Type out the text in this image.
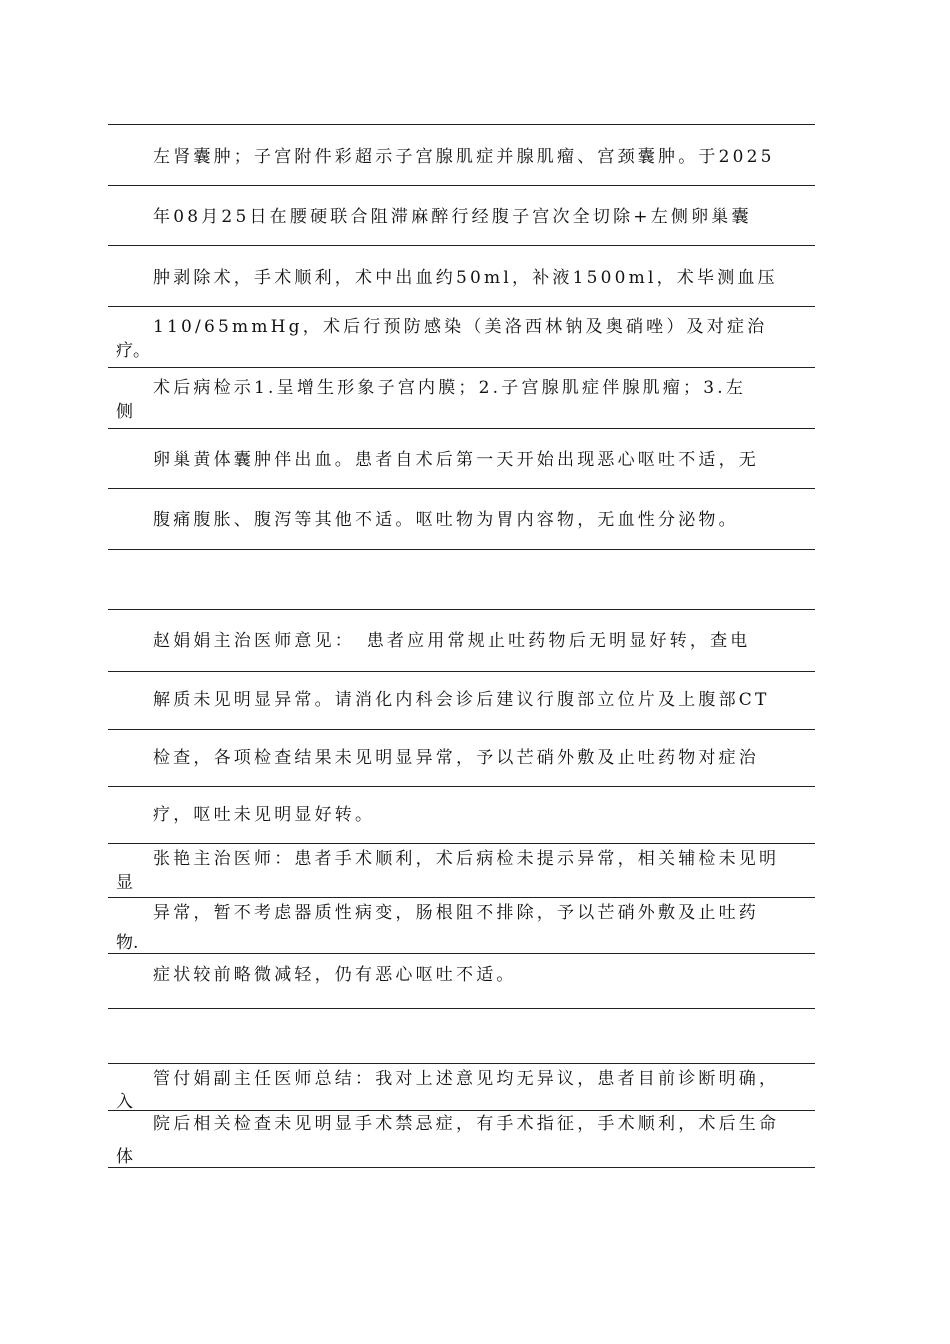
左肾囊肿；子宫附件彩超示子宫腺肌症并腺肌瘤、宫颈囊肿。于2025
年08月25日在腰硬联合阻滞麻醉行经腹子宫次全切除+左侧卵巢囊
肿剥除术，手术顺利，术中出血约50ml，补液1500ml，术毕测血压
110/65mmHg，术后行预防感染（美洛西林钠及奥硝唑）及对症治
疗。
术后病检示1.呈增生形象子宫内膜；2.子宫腺肌症伴腺肌瘤；3.左
侧
卵巢黄体囊肿伴出血。患者自术后第一天开始出现恶心呕吐不适，无
腹痛腹胀、腹泻等其他不适。呕吐物为胃内容物，无血性分泌物。
赵娟娟主治医师意见：　患者应用常规止吐药物后无明显好转，查电
解质未见明显异常。请消化内科会诊后建议行腹部立位片及上腹部CT
检查，各项检查结果未见明显异常，予以芒硝外敷及止吐药物对症治
疗，呕吐未见明显好转。
张艳主治医师：患者手术顺利，术后病检未提示异常，相关辅检未见明
显
异常，暂不考虑器质性病变，肠根阻不排除，予以芒硝外敷及止吐药
物.
症状较前略微减轻，仍有恶心呕吐不适。
管付娟副主任医师总结：我对上述意见均无异议，患者目前诊断明确，
入
院后相关检查未见明显手术禁忌症，有手术指征，手术顺利，术后生命
体
